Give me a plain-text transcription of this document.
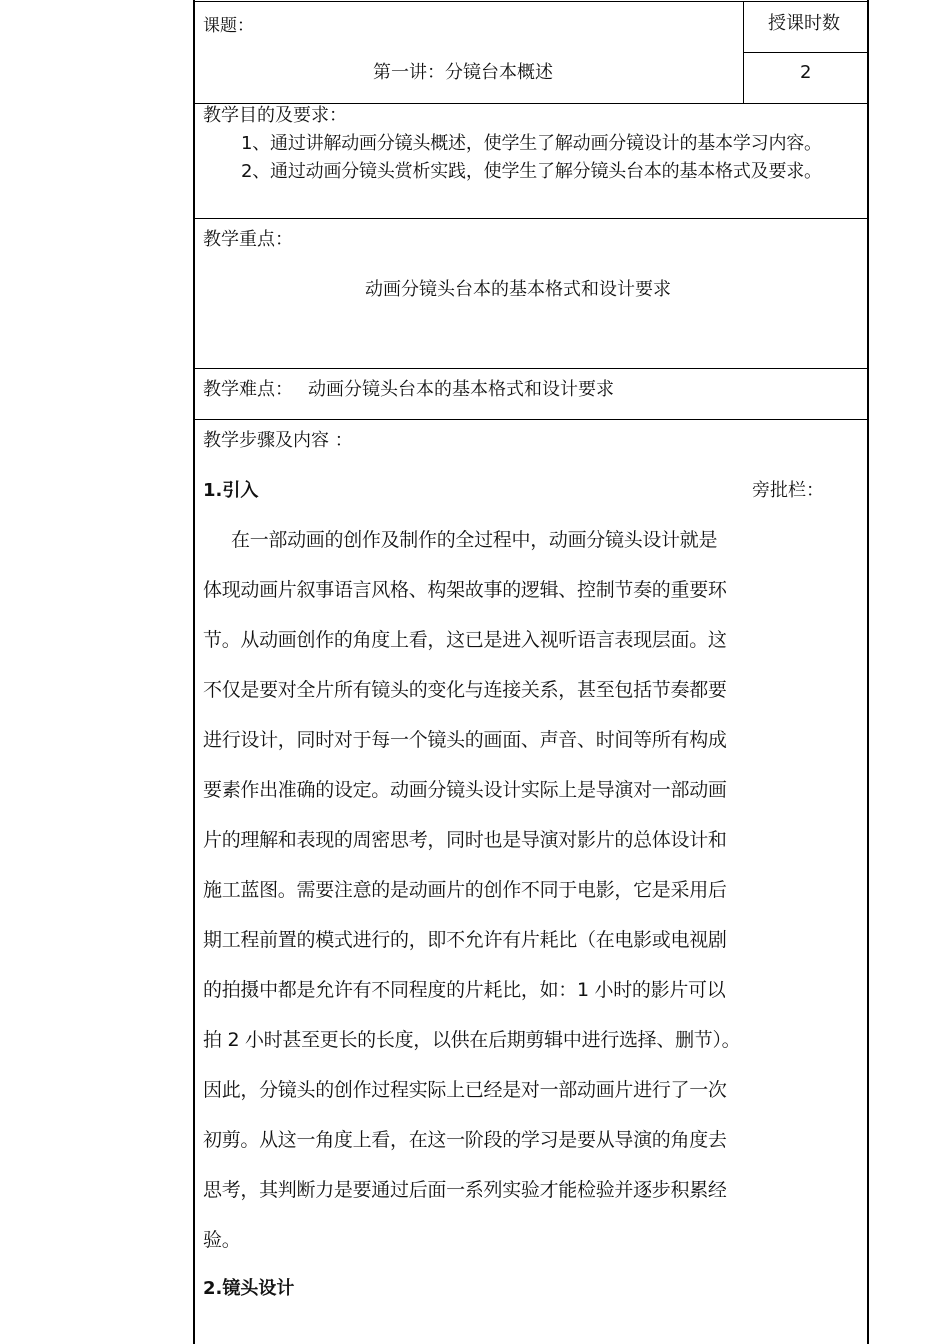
课题：
第一讲：分镜台本概述
授课时数
2
教学目的及要求：
1、通过讲解动画分镜头概述，使学生了解动画分镜设计的基本学习内容。
2、通过动画分镜头赏析实践，使学生了解分镜头台本的基本格式及要求。
教学重点：
动画分镜头台本的基本格式和设计要求
教学难点： 动画分镜头台本的基本格式和设计要求
教学步骤及内容 ：
旁批栏：
1.引入
在一部动画的创作及制作的全过程中，动画分镜头设计就是
体现动画片叙事语言风格、构架故事的逻辑、控制节奏的重要环
节。从动画创作的角度上看，这已是进入视听语言表现层面。这
不仅是要对全片所有镜头的变化与连接关系，甚至包括节奏都要
进行设计，同时对于每一个镜头的画面、声音、时间等所有构成
要素作出准确的设定。动画分镜头设计实际上是导演对一部动画
片的理解和表现的周密思考，同时也是导演对影片的总体设计和
施工蓝图。需要注意的是动画片的创作不同于电影，它是采用后
期工程前置的模式进行的，即不允许有片耗比（在电影或电视剧
的拍摄中都是允许有不同程度的片耗比，如：1 小时的影片可以
拍 2 小时甚至更长的长度，以供在后期剪辑中进行选择、删节）。
因此，分镜头的创作过程实际上已经是对一部动画片进行了一次
初剪。从这一角度上看，在这一阶段的学习是要从导演的角度去
思考，其判断力是要通过后面一系列实验才能检验并逐步积累经
验。
2.镜头设计
